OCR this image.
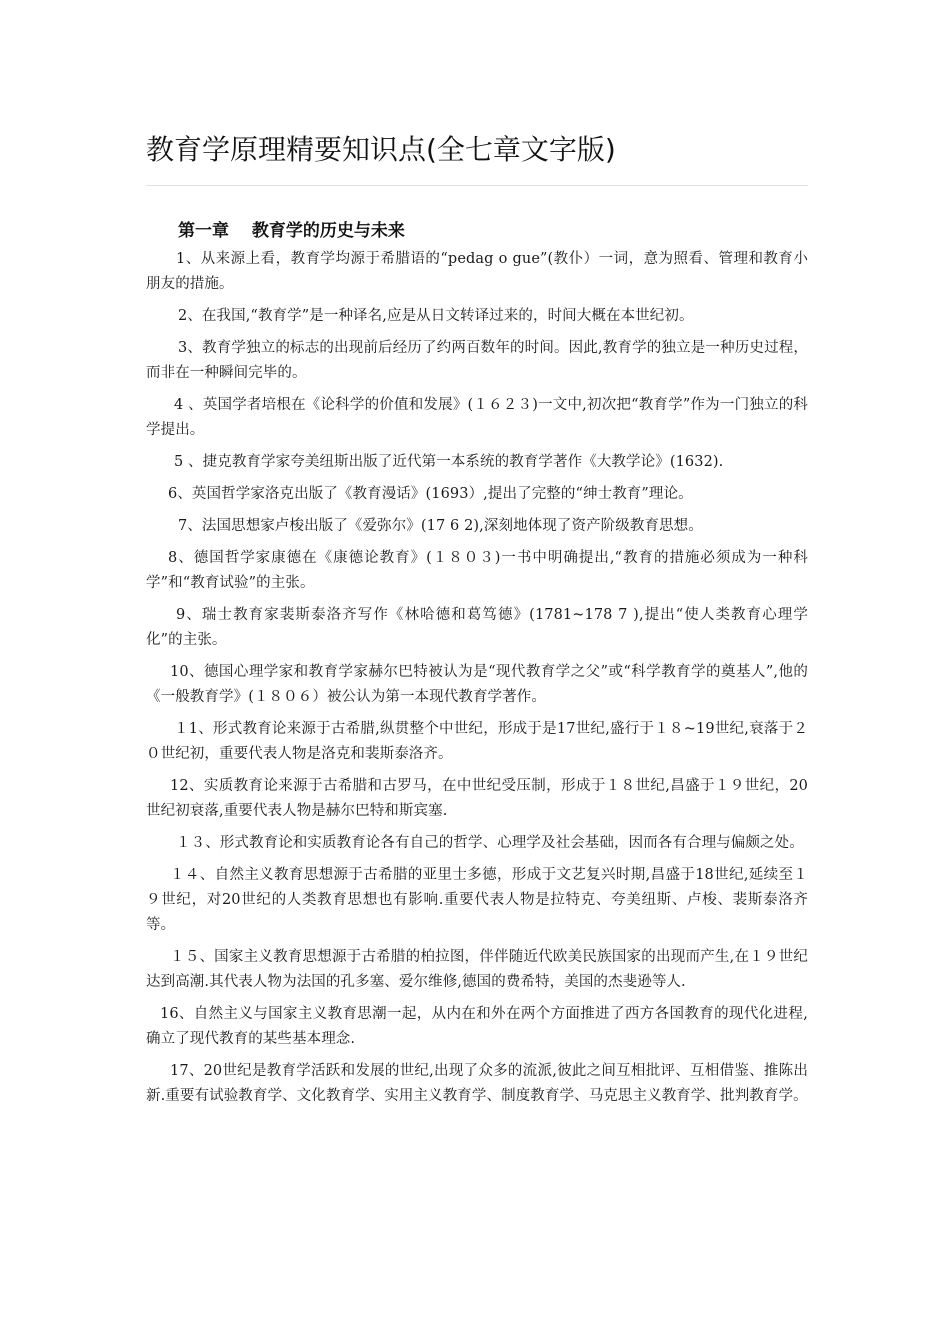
教育学原理精要知识点(全七章文字版)
第一章　 教育学的历史与未来

1、从来源上看，教育学均源于希腊语的“pedag o gue”(教仆）一词，意为照看、管理和教育小朋友的措施。

2、在我国,“教育学”是一种译名,应是从日文转译过来的，时间大概在本世纪初。

3、教育学独立的标志的出现前后经历了约两百数年的时间。因此,教育学的独立是一种历史过程，而非在一种瞬间完毕的。

4 、英国学者培根在《论科学的价值和发展》(１６２３)一文中,初次把“教育学”作为一门独立的科学提出。

5 、捷克教育学家夸美纽斯出版了近代第一本系统的教育学著作《大教学论》(1632).

6、英国哲学家洛克出版了《教育漫话》(1693）,提出了完整的“绅士教育”理论。

7、法国思想家卢梭出版了《爱弥尔》(17 6 2),深刻地体现了资产阶级教育思想。

8、德国哲学家康德在《康德论教育》(１８０３)一书中明确提出,“教育的措施必须成为一种科学”和“教育试验”的主张。

9、瑞士教育家裴斯泰洛齐写作《林哈德和葛笃德》(1781~178 7 ),提出“使人类教育心理学化”的主张。

10、德国心理学家和教育学家赫尔巴特被认为是“现代教育学之父”或“科学教育学的奠基人”,他的《一般教育学》(１８０６）被公认为第一本现代教育学著作。

１1、形式教育论来源于古希腊,纵贯整个中世纪，形成于是17世纪,盛行于１８~19世纪,衰落于２０世纪初，重要代表人物是洛克和裴斯泰洛齐。

12、实质教育论来源于古希腊和古罗马，在中世纪受压制，形成于１８世纪,昌盛于１９世纪，20世纪初衰落,重要代表人物是赫尔巴特和斯宾塞.

１３、形式教育论和实质教育论各有自己的哲学、心理学及社会基础，因而各有合理与偏颇之处。

１４、自然主义教育思想源于古希腊的亚里士多德，形成于文艺复兴时期,昌盛于18世纪,延续至１９世纪，对20世纪的人类教育思想也有影响.重要代表人物是拉特克、夸美纽斯、卢梭、裴斯泰洛齐等。

１５、国家主义教育思想源于古希腊的柏拉图，伴伴随近代欧美民族国家的出现而产生,在１９世纪达到高潮.其代表人物为法国的孔多塞、爱尔维修,德国的费希特，美国的杰斐逊等人.

16、自然主义与国家主义教育思潮一起，从内在和外在两个方面推进了西方各国教育的现代化进程,确立了现代教育的某些基本理念.

17、20世纪是教育学活跃和发展的世纪,出现了众多的流派,彼此之间互相批评、互相借鉴、推陈出新.重要有试验教育学、文化教育学、实用主义教育学、制度教育学、马克思主义教育学、批判教育学。
